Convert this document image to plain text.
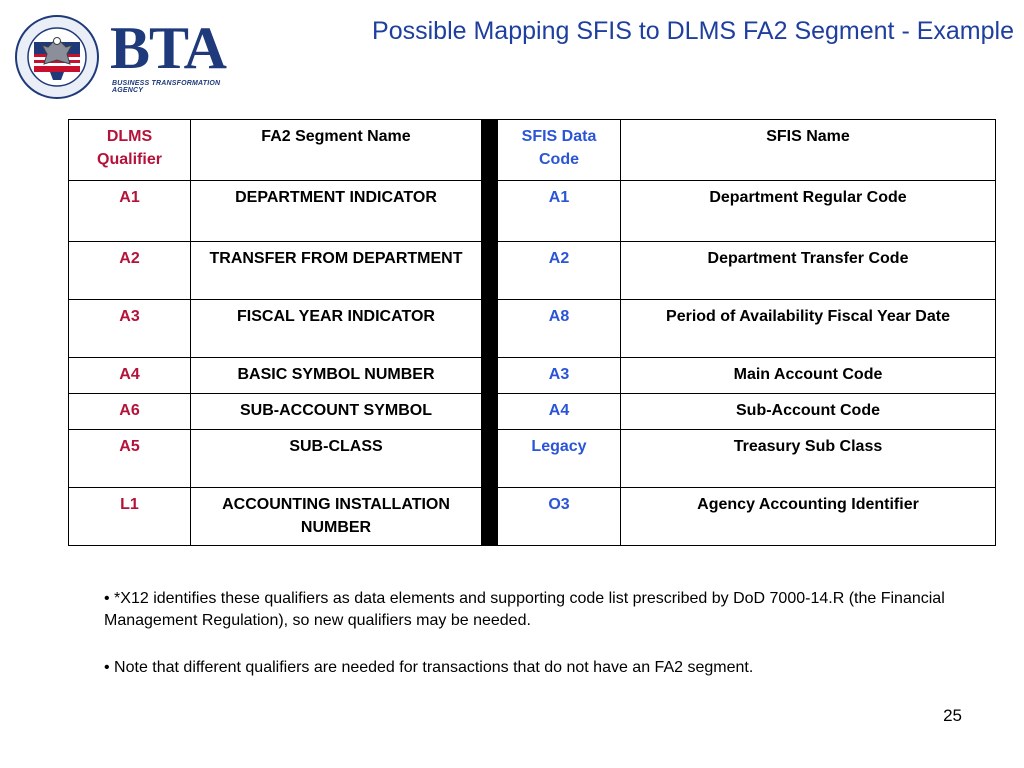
BTA
BUSINESS TRANSFORMATION AGENCY
Possible Mapping SFIS to DLMS FA2 Segment - Example
DLMS Qualifier	FA2 Segment Name		SFIS Data Code	SFIS Name
A1	DEPARTMENT INDICATOR		A1	Department Regular Code
A2	TRANSFER FROM DEPARTMENT		A2	Department Transfer Code
A3	FISCAL YEAR INDICATOR		A8	Period of Availability Fiscal Year Date
A4	BASIC SYMBOL NUMBER		A3	Main Account Code
A6	SUB-ACCOUNT SYMBOL		A4	Sub-Account Code
A5	SUB-CLASS		Legacy	Treasury Sub Class
L1	ACCOUNTING INSTALLATION NUMBER		O3	Agency Accounting Identifier
• *X12 identifies these qualifiers as data elements and supporting code list prescribed by DoD 7000-14.R (the Financial Management Regulation), so new qualifiers may be needed.
• Note that different qualifiers are needed for transactions that do not have an FA2 segment.
25
